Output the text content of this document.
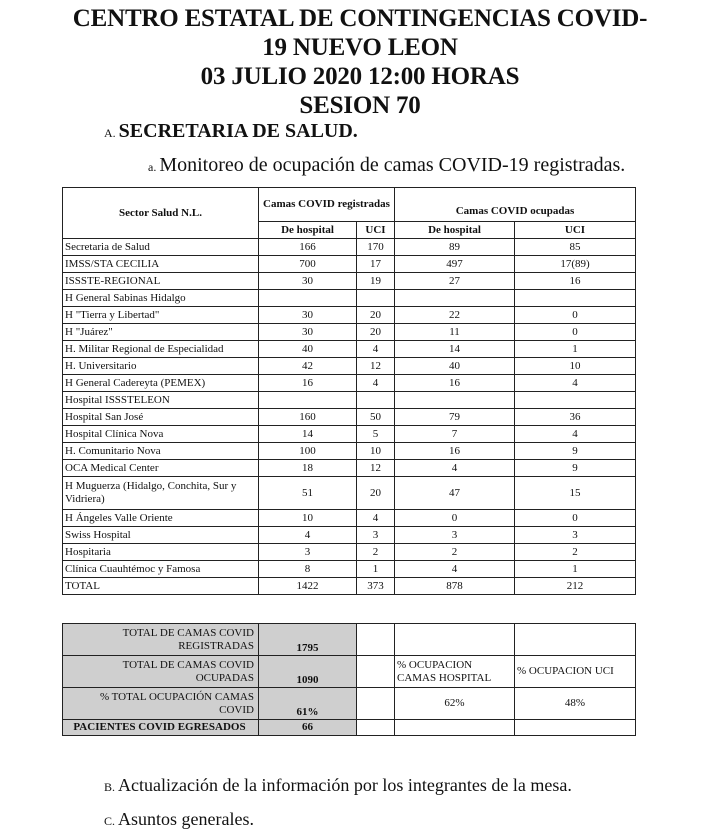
CENTRO ESTATAL DE CONTINGENCIAS COVID-
19 NUEVO LEON
03 JULIO 2020 12:00 HORAS
SESION 70
A. SECRETARIA DE SALUD.
a. Monitoreo de ocupación de camas COVID-19 registradas.
Sector Salud N.L.	Camas COVID registradas		Camas COVID ocupadas	
	De hospital	UCI	De hospital	UCI
Secretaria de Salud	166	170	89	85
IMSS/STA CECILIA	700	17	497	17(89)
ISSSTE-REGIONAL	30	19	27	16
H General Sabinas Hidalgo				
H "Tierra y Libertad"	30	20	22	0
H "Juárez"	30	20	11	0
H. Militar Regional de Especialidad	40	4	14	1
H. Universitario	42	12	40	10
H General Cadereyta (PEMEX)	16	4	16	4
Hospital ISSSTELEON				
Hospital San José	160	50	79	36
Hospital Clínica Nova	14	5	7	4
H. Comunitario Nova	100	10	16	9
OCA Medical Center	18	12	4	9
H Muguerza (Hidalgo, Conchita, Sur y Vidriera)	51	20	47	15
H Ángeles Valle Oriente	10	4	0	0
Swiss Hospital	4	3	3	3
Hospitaria	3	2	2	2
Clínica Cuauhtémoc y Famosa	8	1	4	1
TOTAL	1422	373	878	212
TOTAL DE CAMAS COVID REGISTRADAS	1795			
TOTAL DE CAMAS COVID OCUPADAS	1090		% OCUPACION CAMAS HOSPITAL	% OCUPACION UCI
% TOTAL OCUPACIÓN CAMAS COVID	61%		62%	48%
PACIENTES COVID EGRESADOS	66			
B. Actualización de la información por los integrantes de la mesa.
C. Asuntos generales.
